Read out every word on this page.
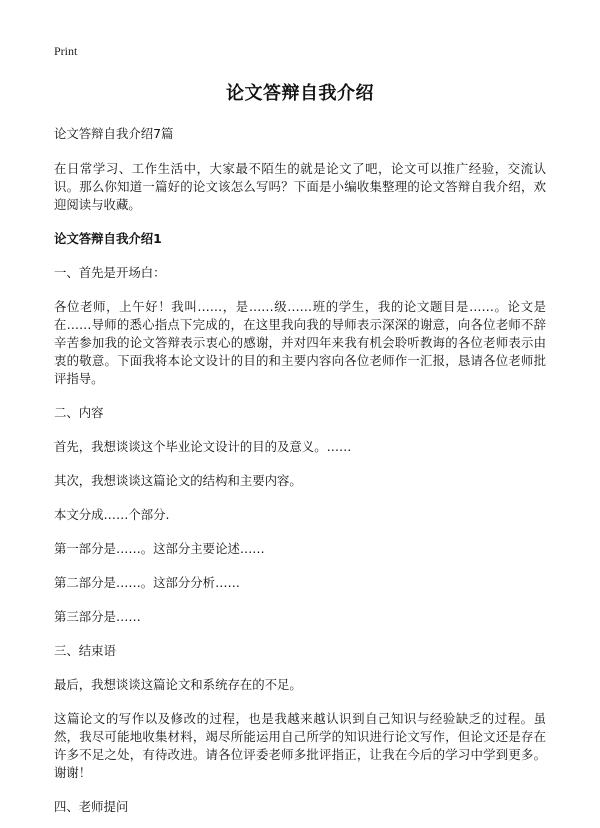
Print
论文答辩自我介绍

论文答辩自我介绍7篇

在日常学习、工作生活中，大家最不陌生的就是论文了吧，论文可以推广经验，交流认识。那么你知道一篇好的论文该怎么写吗？下面是小编收集整理的论文答辩自我介绍，欢迎阅读与收藏。

论文答辩自我介绍1

一、首先是开场白：

各位老师，上午好！我叫……，是……级……班的学生，我的论文题目是……。论文是在……导师的悉心指点下完成的，在这里我向我的导师表示深深的谢意，向各位老师不辞辛苦参加我的论文答辩表示衷心的感谢，并对四年来我有机会聆听教诲的各位老师表示由衷的敬意。下面我将本论文设计的目的和主要内容向各位老师作一汇报，恳请各位老师批评指导。

二、内容

首先，我想谈谈这个毕业论文设计的目的及意义。……

其次，我想谈谈这篇论文的结构和主要内容。

本文分成……个部分.

第一部分是……。这部分主要论述……

第二部分是……。这部分分析……

第三部分是……

三、结束语

最后，我想谈谈这篇论文和系统存在的不足。

这篇论文的写作以及修改的过程，也是我越来越认识到自己知识与经验缺乏的过程。虽然，我尽可能地收集材料，竭尽所能运用自己所学的知识进行论文写作，但论文还是存在许多不足之处，有待改进。请各位评委老师多批评指正，让我在今后的学习中学到更多。 谢谢！

四、老师提问
